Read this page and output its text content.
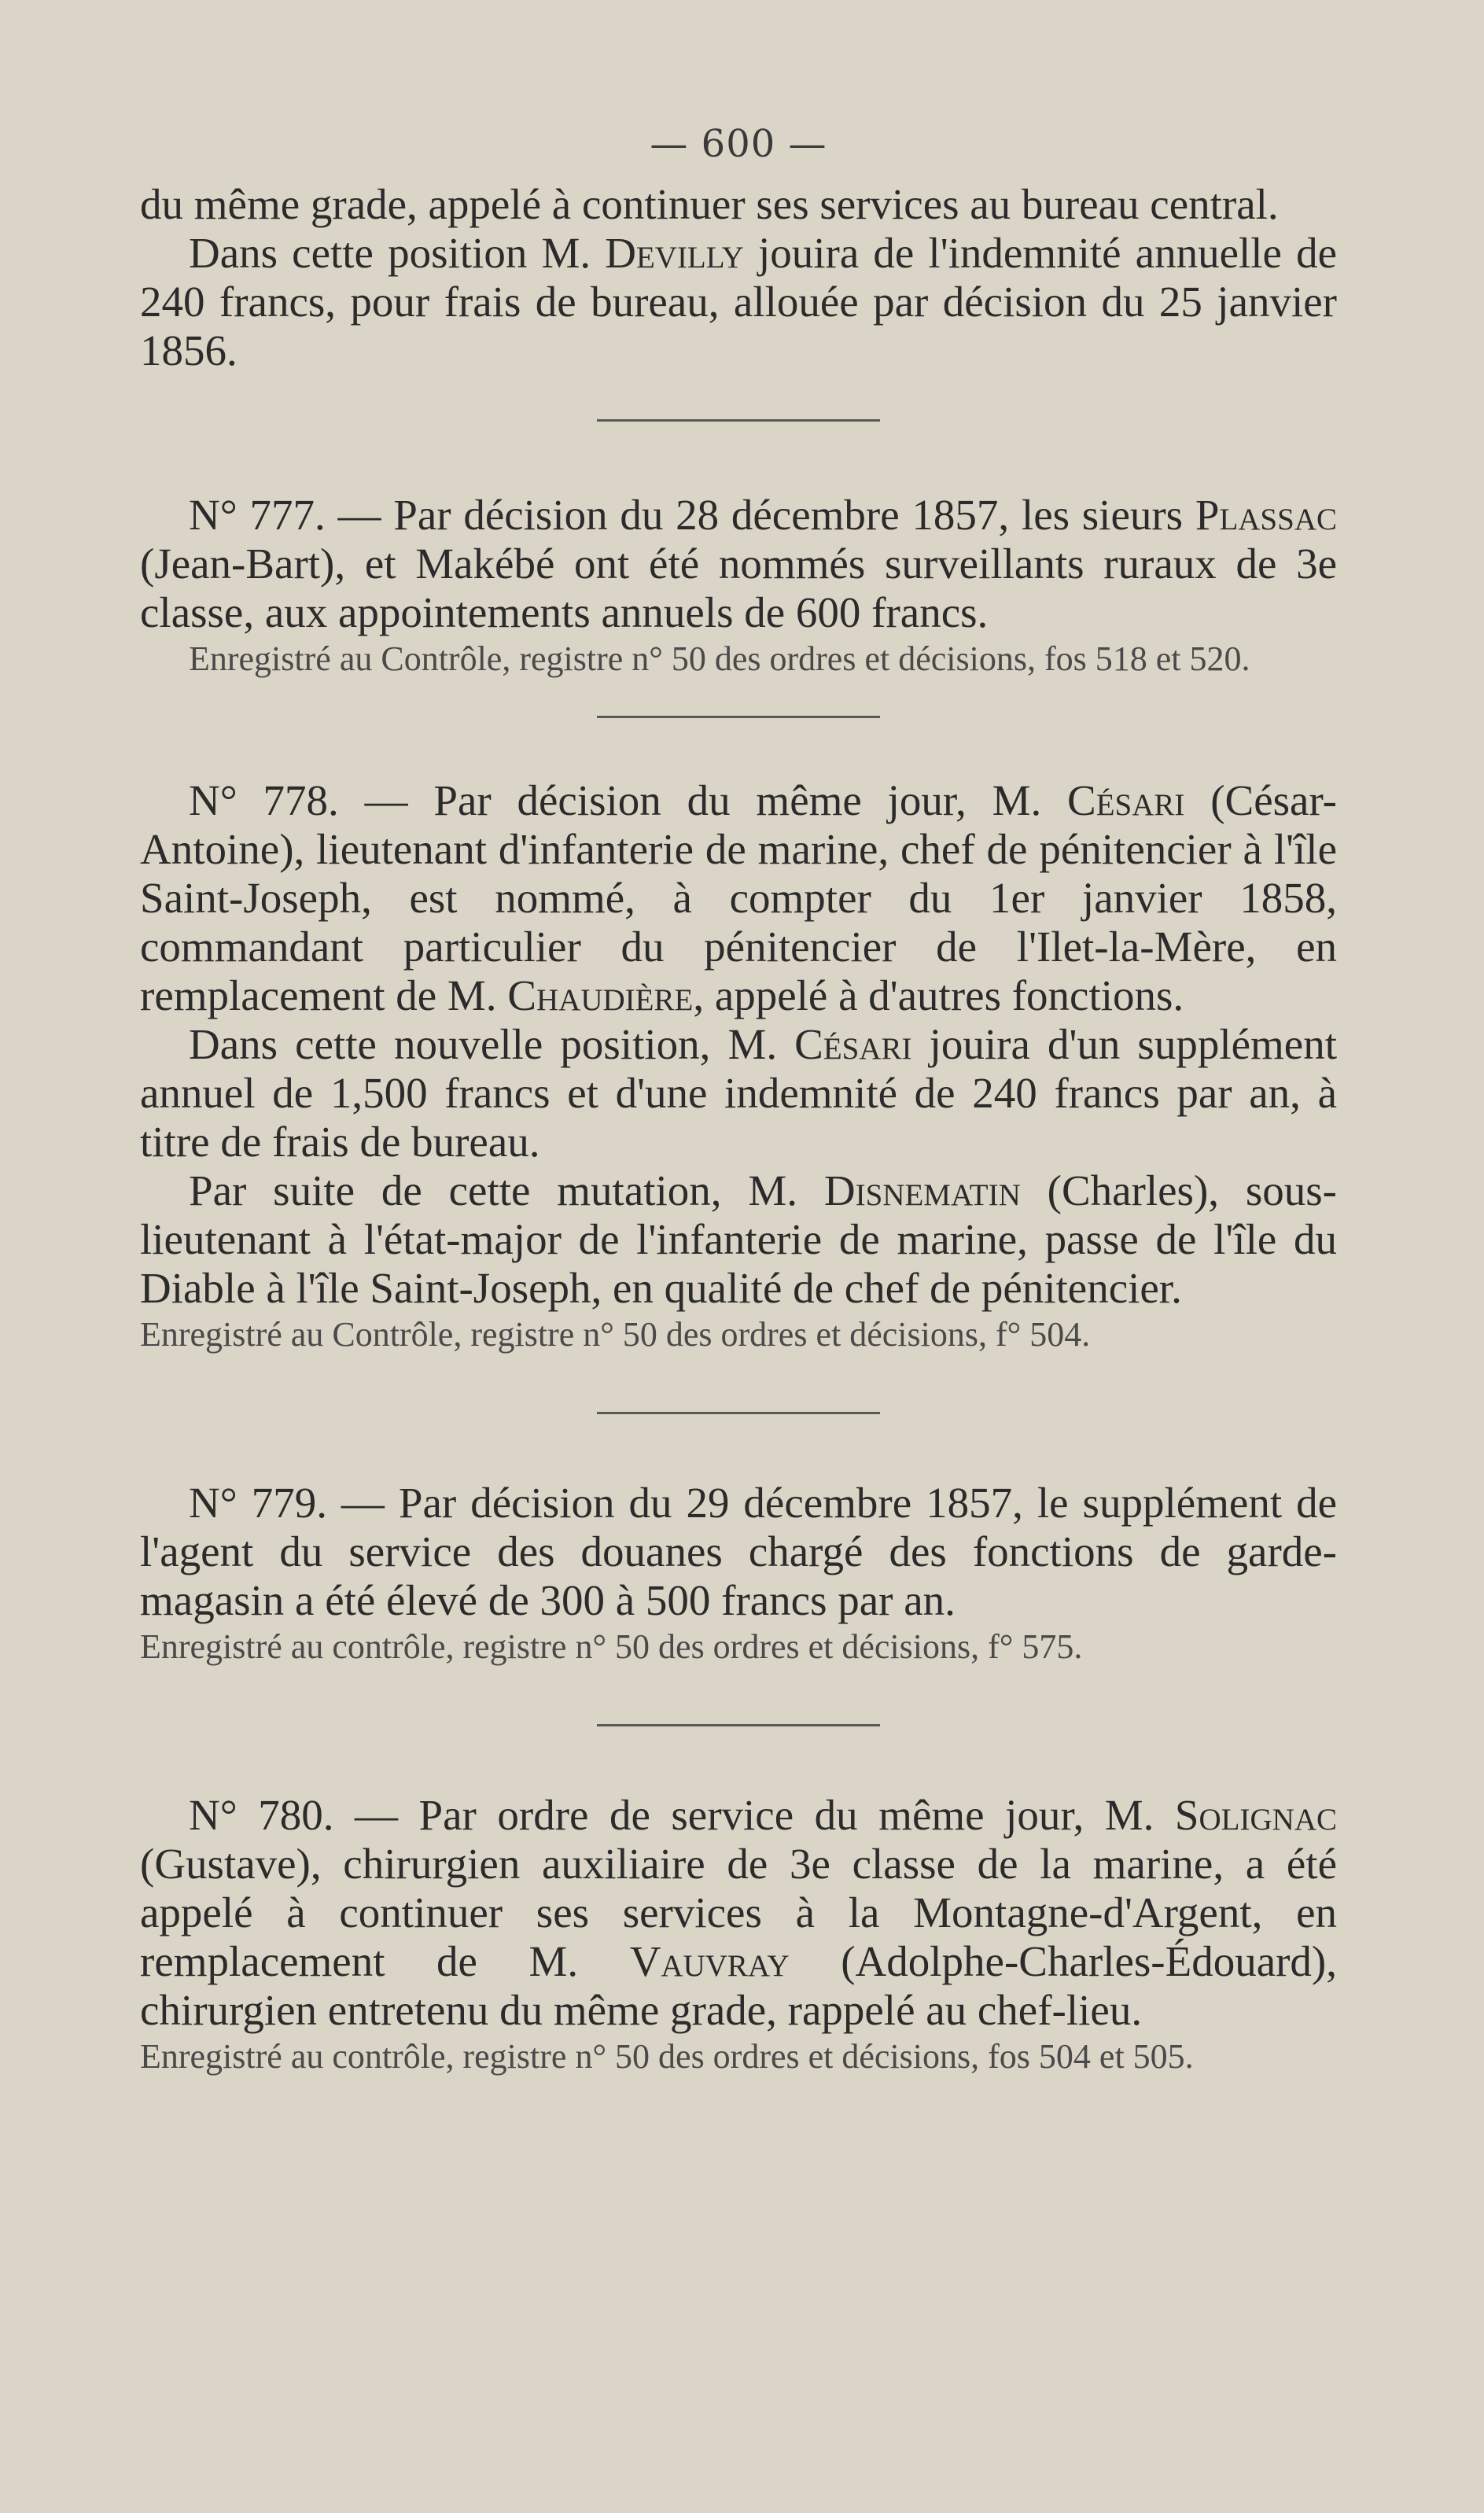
— 600 —

du même grade, appelé à continuer ses services au bureau central.

Dans cette position M. Devilly jouira de l'indemnité annuelle de 240 francs, pour frais de bureau, allouée par décision du 25 janvier 1856.

N° 777. — Par décision du 28 décembre 1857, les sieurs Plassac (Jean-Bart), et Makébé ont été nommés surveillants ruraux de 3e classe, aux appointements annuels de 600 francs.

Enregistré au Contrôle, registre n° 50 des ordres et décisions, fos 518 et 520.

N° 778. — Par décision du même jour, M. Césari (César-Antoine), lieutenant d'infanterie de marine, chef de pénitencier à l'île Saint-Joseph, est nommé, à compter du 1er janvier 1858, commandant particulier du pénitencier de l'Ilet-la-Mère, en remplacement de M. Chaudière, appelé à d'autres fonctions.

Dans cette nouvelle position, M. Césari jouira d'un supplément annuel de 1,500 francs et d'une indemnité de 240 francs par an, à titre de frais de bureau.

Par suite de cette mutation, M. Disnematin (Charles), sous-lieutenant à l'état-major de l'infanterie de marine, passe de l'île du Diable à l'île Saint-Joseph, en qualité de chef de pénitencier.

Enregistré au Contrôle, registre n° 50 des ordres et décisions, f° 504.

N° 779. — Par décision du 29 décembre 1857, le supplément de l'agent du service des douanes chargé des fonctions de garde-magasin a été élevé de 300 à 500 francs par an.

Enregistré au contrôle, registre n° 50 des ordres et décisions, f° 575.

N° 780. — Par ordre de service du même jour, M. Solignac (Gustave), chirurgien auxiliaire de 3e classe de la marine, a été appelé à continuer ses services à la Montagne-d'Argent, en remplacement de M. Vauvray (Adolphe-Charles-Édouard), chirurgien entretenu du même grade, rappelé au chef-lieu.

Enregistré au contrôle, registre n° 50 des ordres et décisions, fos 504 et 505.
